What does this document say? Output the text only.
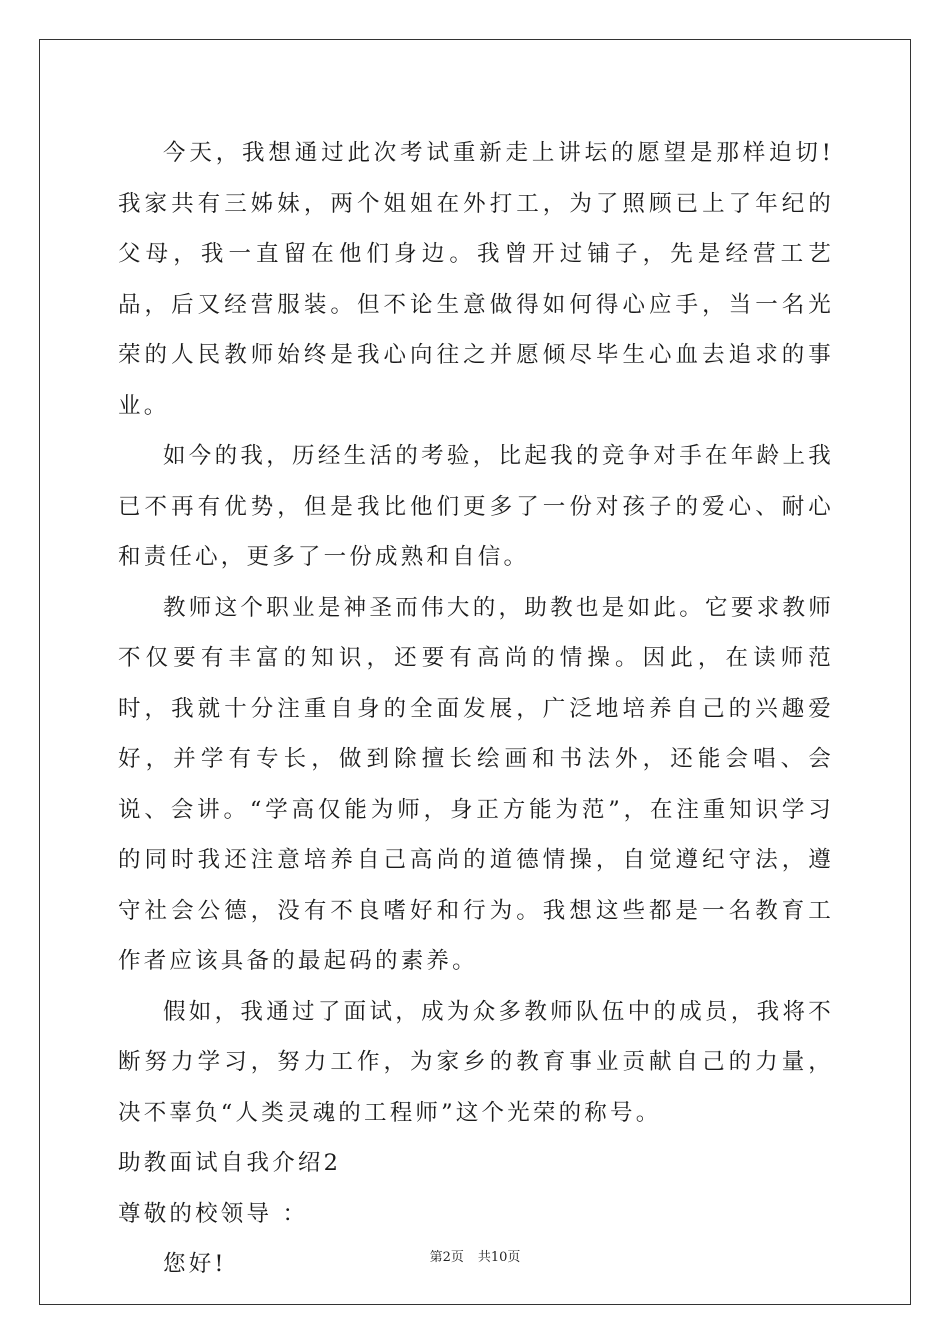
今天，我想通过此次考试重新走上讲坛的愿望是那样迫切!我家共有三姊妹，两个姐姐在外打工，为了照顾已上了年纪的父母，我一直留在他们身边。我曾开过铺子，先是经营工艺品，后又经营服装。但不论生意做得如何得心应手，当一名光荣的人民教师始终是我心向往之并愿倾尽毕生心血去追求的事业。

如今的我，历经生活的考验，比起我的竞争对手在年龄上我已不再有优势，但是我比他们更多了一份对孩子的爱心、耐心和责任心，更多了一份成熟和自信。

教师这个职业是神圣而伟大的，助教也是如此。它要求教师不仅要有丰富的知识，还要有高尚的情操。因此，在读师范时，我就十分注重自身的全面发展，广泛地培养自己的兴趣爱好，并学有专长，做到除擅长绘画和书法外，还能会唱、会说、会讲。“学高仅能为师，身正方能为范”，在注重知识学习的同时我还注意培养自己高尚的道德情操，自觉遵纪守法，遵守社会公德，没有不良嗜好和行为。我想这些都是一名教育工作者应该具备的最起码的素养。

假如，我通过了面试，成为众多教师队伍中的成员，我将不断努力学习，努力工作，为家乡的教育事业贡献自己的力量，决不辜负“人类灵魂的工程师”这个光荣的称号。

助教面试自我介绍2

尊敬的校领导 ：

您好!	第2页 共10页
